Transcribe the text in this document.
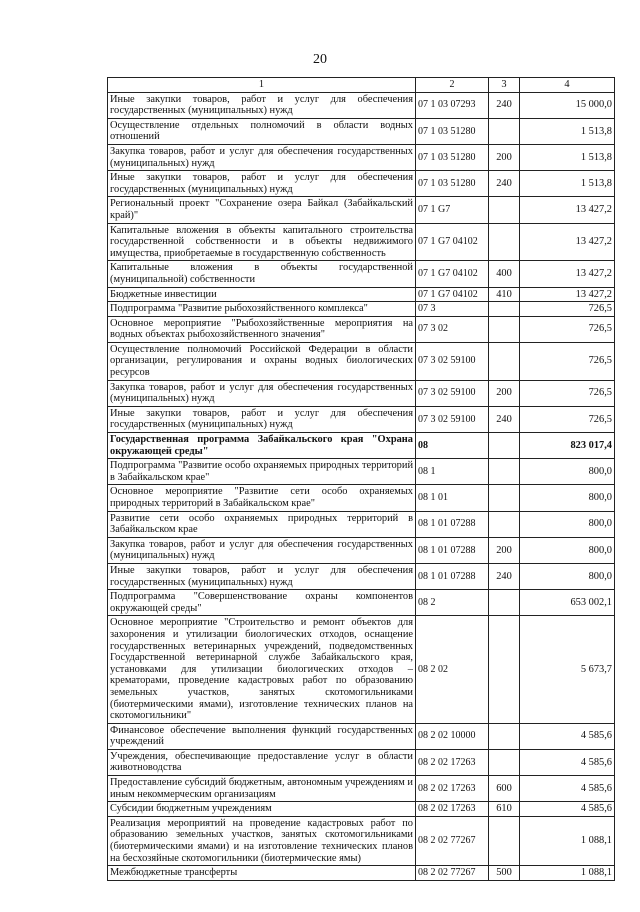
20
1	2	3	4
Иные закупки товаров, работ и услуг для обеспечения государственных (муниципальных) нужд	07 1 03 07293	240	15 000,0
Осуществление отдельных полномочий в области водных отношений	07 1 03 51280		1 513,8
Закупка товаров, работ и услуг для обеспечения государственных (муниципальных) нужд	07 1 03 51280	200	1 513,8
Иные закупки товаров, работ и услуг для обеспечения государственных (муниципальных) нужд	07 1 03 51280	240	1 513,8
Региональный проект "Сохранение озера Байкал (Забайкальский край)"	07 1 G7		13 427,2
Капитальные вложения в объекты капитального строительства государственной собственности и в объекты недвижимого имущества, приобретаемые в государственную собственность	07 1 G7 04102		13 427,2
Капитальные вложения в объекты государственной (муниципальной) собственности	07 1 G7 04102	400	13 427,2
Бюджетные инвестиции	07 1 G7 04102	410	13 427,2
Подпрограмма "Развитие рыбохозяйственного комплекса"	07 3		726,5
Основное мероприятие "Рыбохозяйственные мероприятия на водных объектах рыбохозяйственного значения"	07 3 02		726,5
Осуществление полномочий Российской Федерации в области организации, регулирования и охраны водных биологических ресурсов	07 3 02 59100		726,5
Закупка товаров, работ и услуг для обеспечения государственных (муниципальных) нужд	07 3 02 59100	200	726,5
Иные закупки товаров, работ и услуг для обеспечения государственных (муниципальных) нужд	07 3 02 59100	240	726,5
Государственная программа Забайкальского края "Охрана окружающей среды"	08		823 017,4
Подпрограмма "Развитие особо охраняемых природных территорий в Забайкальском крае"	08 1		800,0
Основное мероприятие "Развитие сети особо охраняемых природных территорий в Забайкальском крае"	08 1 01		800,0
Развитие сети особо охраняемых природных территорий в Забайкальском крае	08 1 01 07288		800,0
Закупка товаров, работ и услуг для обеспечения государственных (муниципальных) нужд	08 1 01 07288	200	800,0
Иные закупки товаров, работ и услуг для обеспечения государственных (муниципальных) нужд	08 1 01 07288	240	800,0
Подпрограмма "Совершенствование охраны компонентов окружающей среды"	08 2		653 002,1
Основное мероприятие "Строительство и ремонт объектов для захоронения и утилизации биологических отходов, оснащение государственных ветеринарных учреждений, подведомственных Государственной ветеринарной службе Забайкальского края, установками для утилизации биологических отходов – крематорами, проведение кадастровых работ по образованию земельных участков, занятых скотомогильниками (биотермическими ямами), изготовление технических планов на скотомогильники"	08 2 02		5 673,7
Финансовое обеспечение выполнения функций государственных учреждений	08 2 02 10000		4 585,6
Учреждения, обеспечивающие предоставление услуг в области животноводства	08 2 02 17263		4 585,6
Предоставление субсидий бюджетным, автономным учреждениям и иным некоммерческим организациям	08 2 02 17263	600	4 585,6
Субсидии бюджетным учреждениям	08 2 02 17263	610	4 585,6
Реализация мероприятий на проведение кадастровых работ по образованию земельных участков, занятых скотомогильниками (биотермическими ямами) и на изготовление технических планов на бесхозяйные скотомогильники (биотермические ямы)	08 2 02 77267		1 088,1
Межбюджетные трансферты	08 2 02 77267	500	1 088,1
